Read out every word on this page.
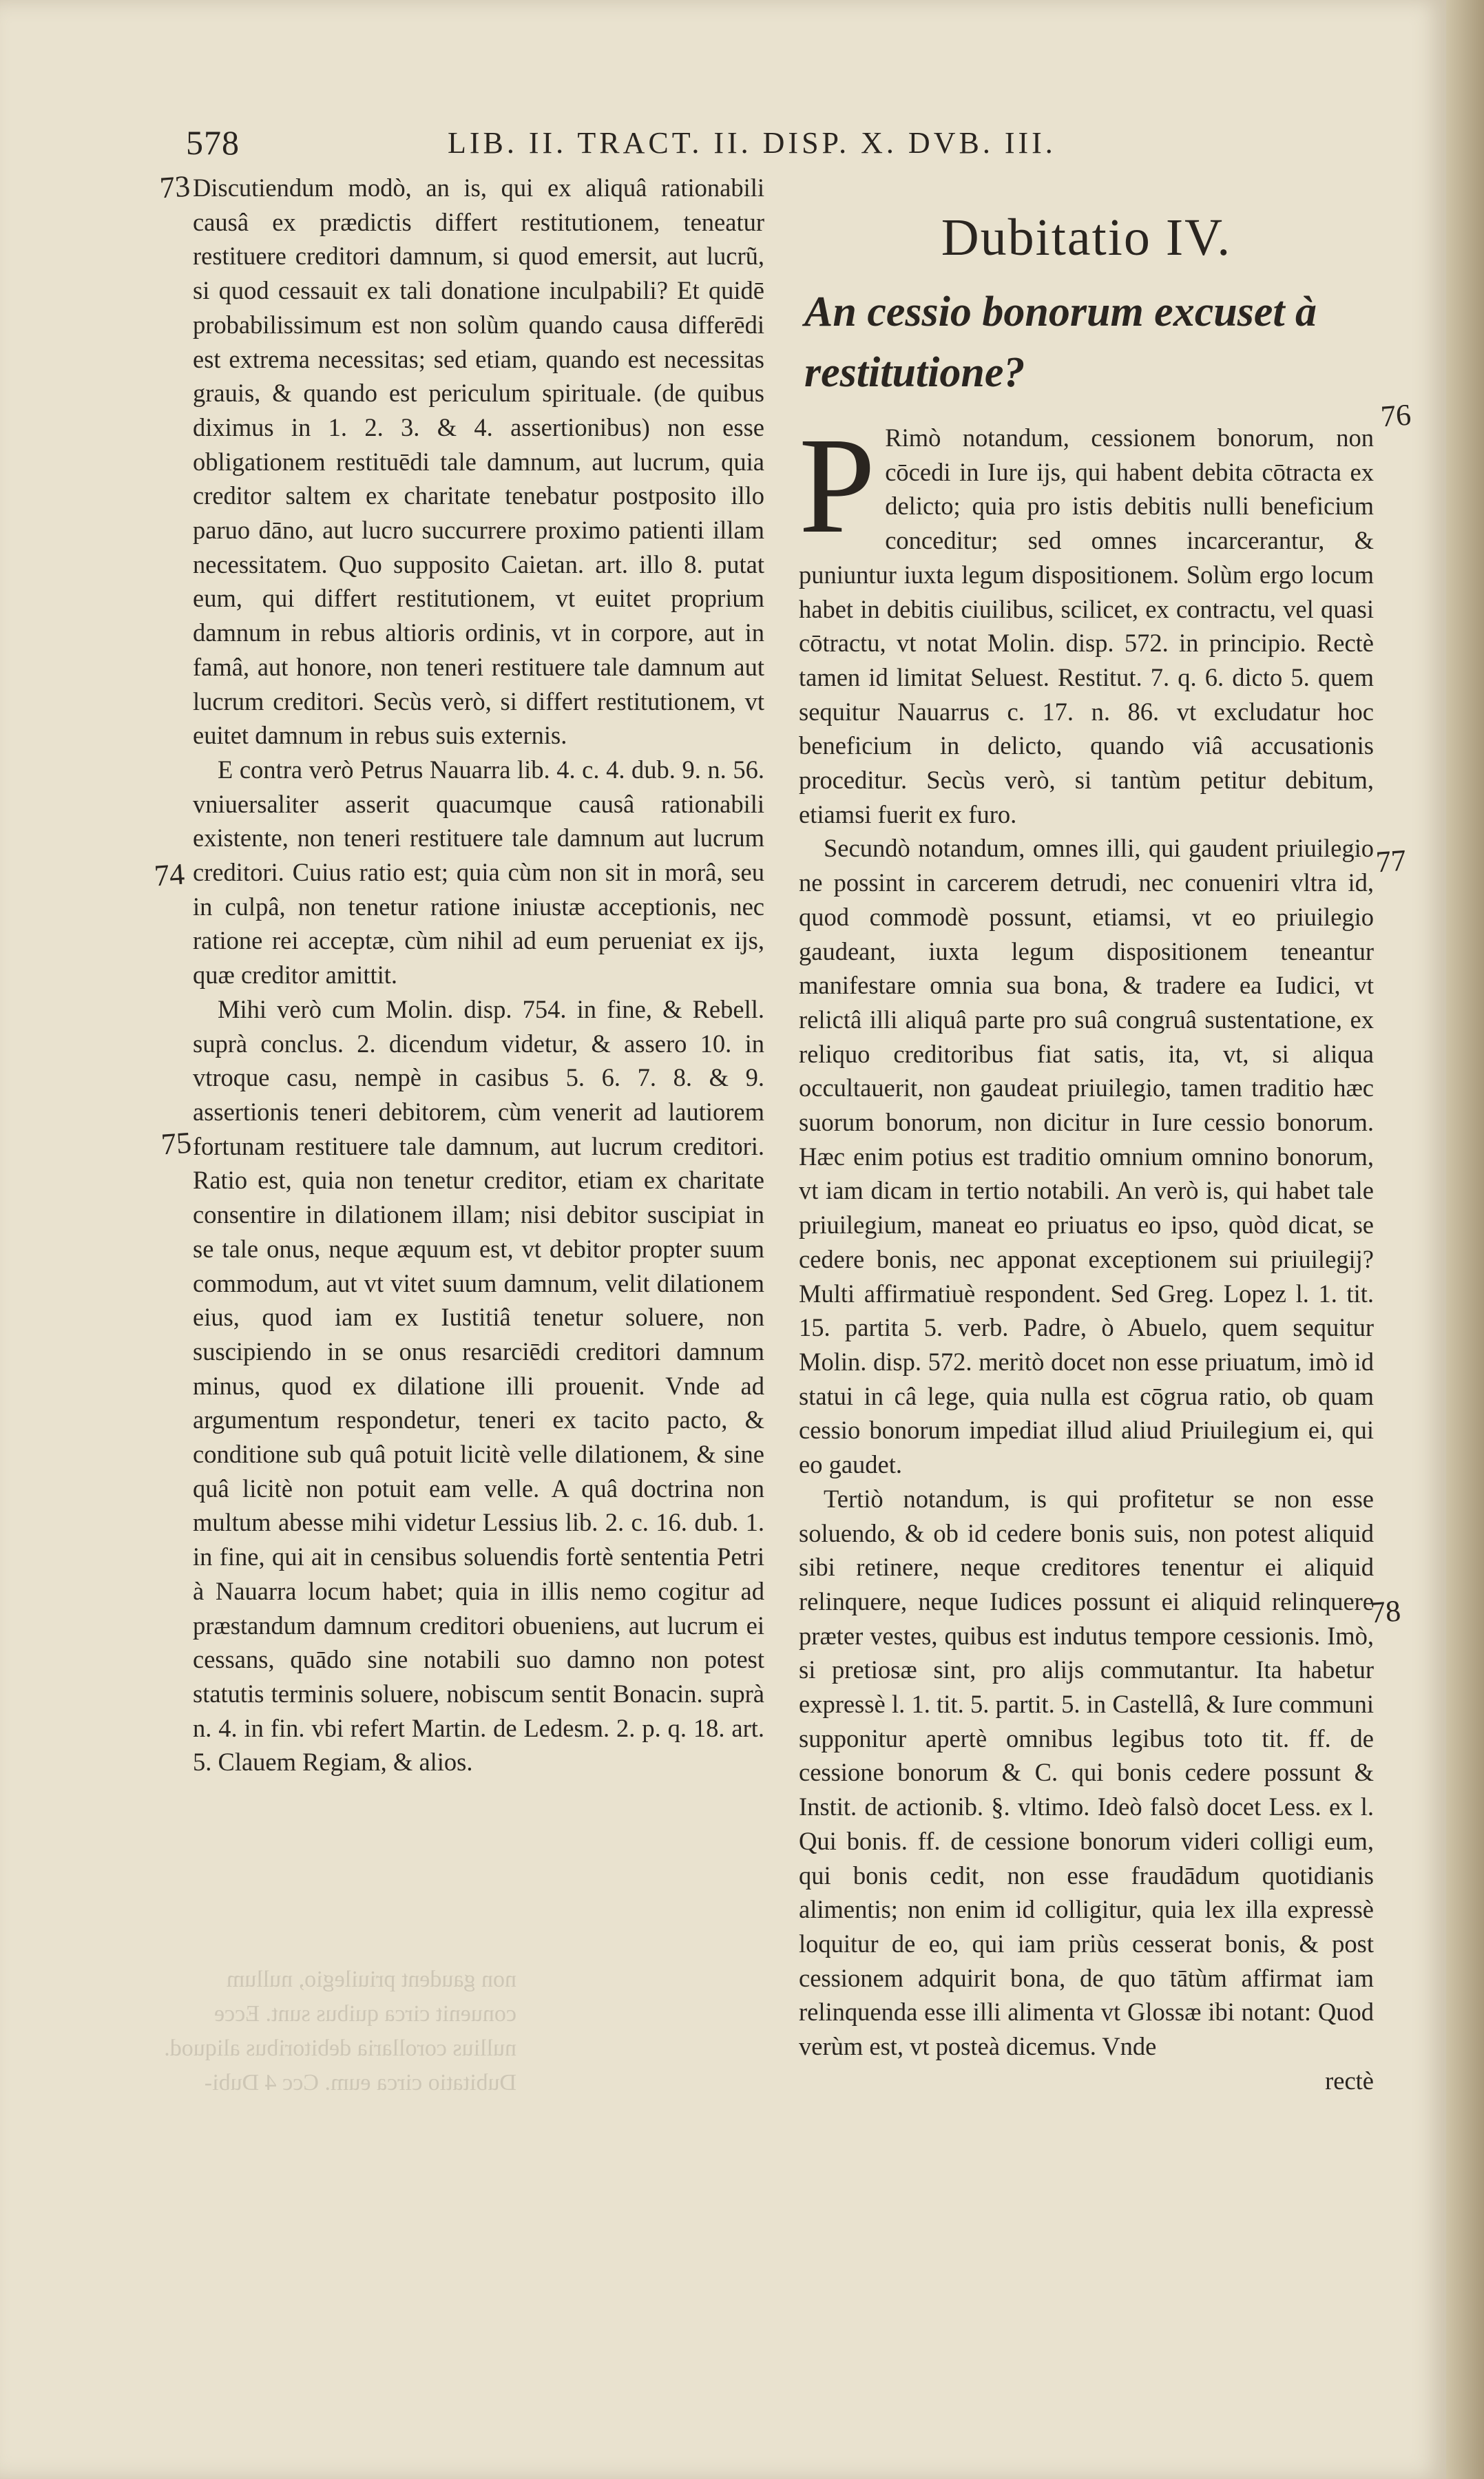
578	LIB. II. TRACT. II. DISP. X. DVB. III.
non gaudent priuilegio, nullum conuenit circa quibus sunt. Ecce nullius corollaria debitoribus aliquod. Dubitatio circa eum. Ccc 4 Dubi-
73
74
75
76
77
78

Discutiendum modò, an is, qui ex aliquâ rationabili causâ ex prædictis differt restitutionem, teneatur restituere creditori damnum, si quod emersit, aut lucrũ, si quod cessauit ex tali donatione inculpabili? Et quidē probabilissimum est non solùm quando causa differēdi est extrema necessitas; sed etiam, quando est necessitas grauis, & quando est periculum spirituale. (de quibus diximus in 1. 2. 3. & 4. assertionibus) non esse obligationem restituēdi tale damnum, aut lucrum, quia creditor saltem ex charitate tenebatur postposito illo paruo dāno, aut lucro succurrere proximo patienti illam necessitatem. Quo supposito Caietan. art. illo 8. putat eum, qui differt restitutionem, vt euitet proprium damnum in rebus altioris ordinis, vt in corpore, aut in famâ, aut honore, non teneri restituere tale damnum aut lucrum creditori. Secùs verò, si differt restitutionem, vt euitet damnum in rebus suis externis.

E contra verò Petrus Nauarra lib. 4. c. 4. dub. 9. n. 56. vniuersaliter asserit quacumque causâ rationabili existente, non teneri restituere tale damnum aut lucrum creditori. Cuius ratio est; quia cùm non sit in morâ, seu in culpâ, non tenetur ratione iniustæ acceptionis, nec ratione rei acceptæ, cùm nihil ad eum perueniat ex ijs, quæ creditor amittit.

Mihi verò cum Molin. disp. 754. in fine, & Rebell. suprà conclus. 2. dicendum videtur, & assero 10. in vtroque casu, nempè in casibus 5. 6. 7. 8. & 9. assertionis teneri debitorem, cùm venerit ad lautiorem fortunam restituere tale damnum, aut lucrum creditori. Ratio est, quia non tenetur creditor, etiam ex charitate consentire in dilationem illam; nisi debitor suscipiat in se tale onus, neque æquum est, vt debitor propter suum commodum, aut vt vitet suum damnum, velit dilationem eius, quod iam ex Iustitiâ tenetur soluere, non suscipiendo in se onus resarciēdi creditori damnum minus, quod ex dilatione illi prouenit. Vnde ad argumentum respondetur, teneri ex tacito pacto, & conditione sub quâ potuit licitè velle dilationem, & sine quâ licitè non potuit eam velle. A quâ doctrina non multum abesse mihi videtur Lessius lib. 2. c. 16. dub. 1. in fine, qui ait in censibus soluendis fortè sententia Petri à Nauarra locum habet; quia in illis nemo cogitur ad præstandum damnum creditori obueniens, aut lucrum ei cessans, quādo sine notabili suo damno non potest statutis terminis soluere, nobiscum sentit Bonacin. suprà n. 4. in fin. vbi refert Martin. de Ledesm. 2. p. q. 18. art. 5. Clauem Regiam, & alios.

Dubitatio IV.
An cessio bonorum excuset à restitutione?

P Rimò notandum, cessionem bonorum, non cōcedi in Iure ijs, qui habent debita cōtracta ex delicto; quia pro istis debitis nulli beneficium conceditur; sed omnes incarcerantur, & puniuntur iuxta legum dispositionem. Solùm ergo locum habet in debitis ciuilibus, scilicet, ex contractu, vel quasi cōtractu, vt notat Molin. disp. 572. in principio. Rectè tamen id limitat Seluest. Restitut. 7. q. 6. dicto 5. quem sequitur Nauarrus c. 17. n. 86. vt excludatur hoc beneficium in delicto, quando viâ accusationis proceditur. Secùs verò, si tantùm petitur debitum, etiamsi fuerit ex furo.

Secundò notandum, omnes illi, qui gaudent priuilegio ne possint in carcerem detrudi, nec conueniri vltra id, quod commodè possunt, etiamsi, vt eo priuilegio gaudeant, iuxta legum dispositionem teneantur manifestare omnia sua bona, & tradere ea Iudici, vt relictâ illi aliquâ parte pro suâ congruâ sustentatione, ex reliquo creditoribus fiat satis, ita, vt, si aliqua occultauerit, non gaudeat priuilegio, tamen traditio hæc suorum bonorum, non dicitur in Iure cessio bonorum. Hæc enim potius est traditio omnium omnino bonorum, vt iam dicam in tertio notabili. An verò is, qui habet tale priuilegium, maneat eo priuatus eo ipso, quòd dicat, se cedere bonis, nec apponat exceptionem sui priuilegij? Multi affirmatiuè respondent. Sed Greg. Lopez l. 1. tit. 15. partita 5. verb. Padre, ò Abuelo, quem sequitur Molin. disp. 572. meritò docet non esse priuatum, imò id statui in câ lege, quia nulla est cōgrua ratio, ob quam cessio bonorum impediat illud aliud Priuilegium ei, qui eo gaudet.

Tertiò notandum, is qui profitetur se non esse soluendo, & ob id cedere bonis suis, non potest aliquid sibi retinere, neque creditores tenentur ei aliquid relinquere, neque Iudices possunt ei aliquid relinquere præter vestes, quibus est indutus tempore cessionis. Imò, si pretiosæ sint, pro alijs commutantur. Ita habetur expressè l. 1. tit. 5. partit. 5. in Castellâ, & Iure communi supponitur apertè omnibus legibus toto tit. ff. de cessione bonorum & C. qui bonis cedere possunt & Instit. de actionib. §. vltimo. Ideò falsò docet Less. ex l. Qui bonis. ff. de cessione bonorum videri colligi eum, qui bonis cedit, non esse fraudādum quotidianis alimentis; non enim id colligitur, quia lex illa expressè loquitur de eo, qui iam priùs cesserat bonis, & post cessionem adquirit bona, de quo tātùm affirmat iam relinquenda esse illi alimenta vt Glossæ ibi notant: Quod verùm est, vt posteà dicemus. Vnde

rectè
